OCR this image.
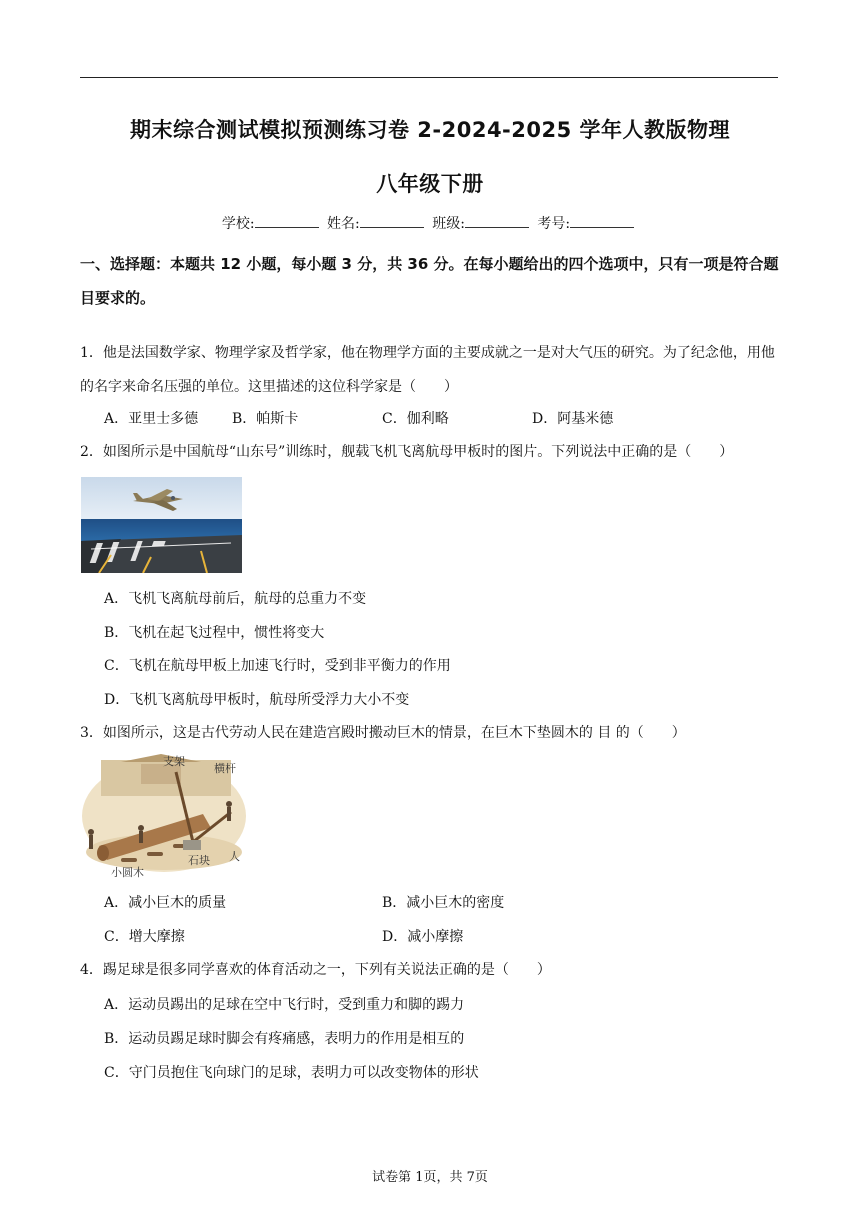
期末综合测试模拟预测练习卷 2-2024-2025 学年人教版物理
八年级下册
学校:	姓名:	班级:	考号:
一、选择题：本题共 12 小题，每小题 3 分，共 36 分。在每小题给出的四个选项中，只有一项是符合题目要求的。
1．他是法国数学家、物理学家及哲学家，他在物理学方面的主要成就之一是对大气压的研究。为了纪念他，用他的名字来命名压强的单位。这里描述的这位科学家是（　　）
A．亚里士多德 B．帕斯卡	C．伽利略	D．阿基米德
2．如图所示是中国航母“山东号”训练时，舰载飞机飞离航母甲板时的图片。下列说法中正确的是（　　）
A．飞机飞离航母前后，航母的总重力不变
B．飞机在起飞过程中，惯性将变大
C．飞机在航母甲板上加速飞行时，受到非平衡力的作用
D．飞机飞离航母甲板时，航母所受浮力大小不变
3．如图所示，这是古代劳动人民在建造宫殿时搬动巨木的情景，在巨木下垫圆木的 目 的（　　）
支架
横杆
石块 人
小圆木
A．减小巨木的质量	B．减小巨木的密度
C．增大摩擦	D．减小摩擦
4．踢足球是很多同学喜欢的体育活动之一，下列有关说法正确的是（　　）
A．运动员踢出的足球在空中飞行时，受到重力和脚的踢力
B．运动员踢足球时脚会有疼痛感，表明力的作用是相互的
C．守门员抱住飞向球门的足球，表明力可以改变物体的形状
试卷第 1页，共 7页
